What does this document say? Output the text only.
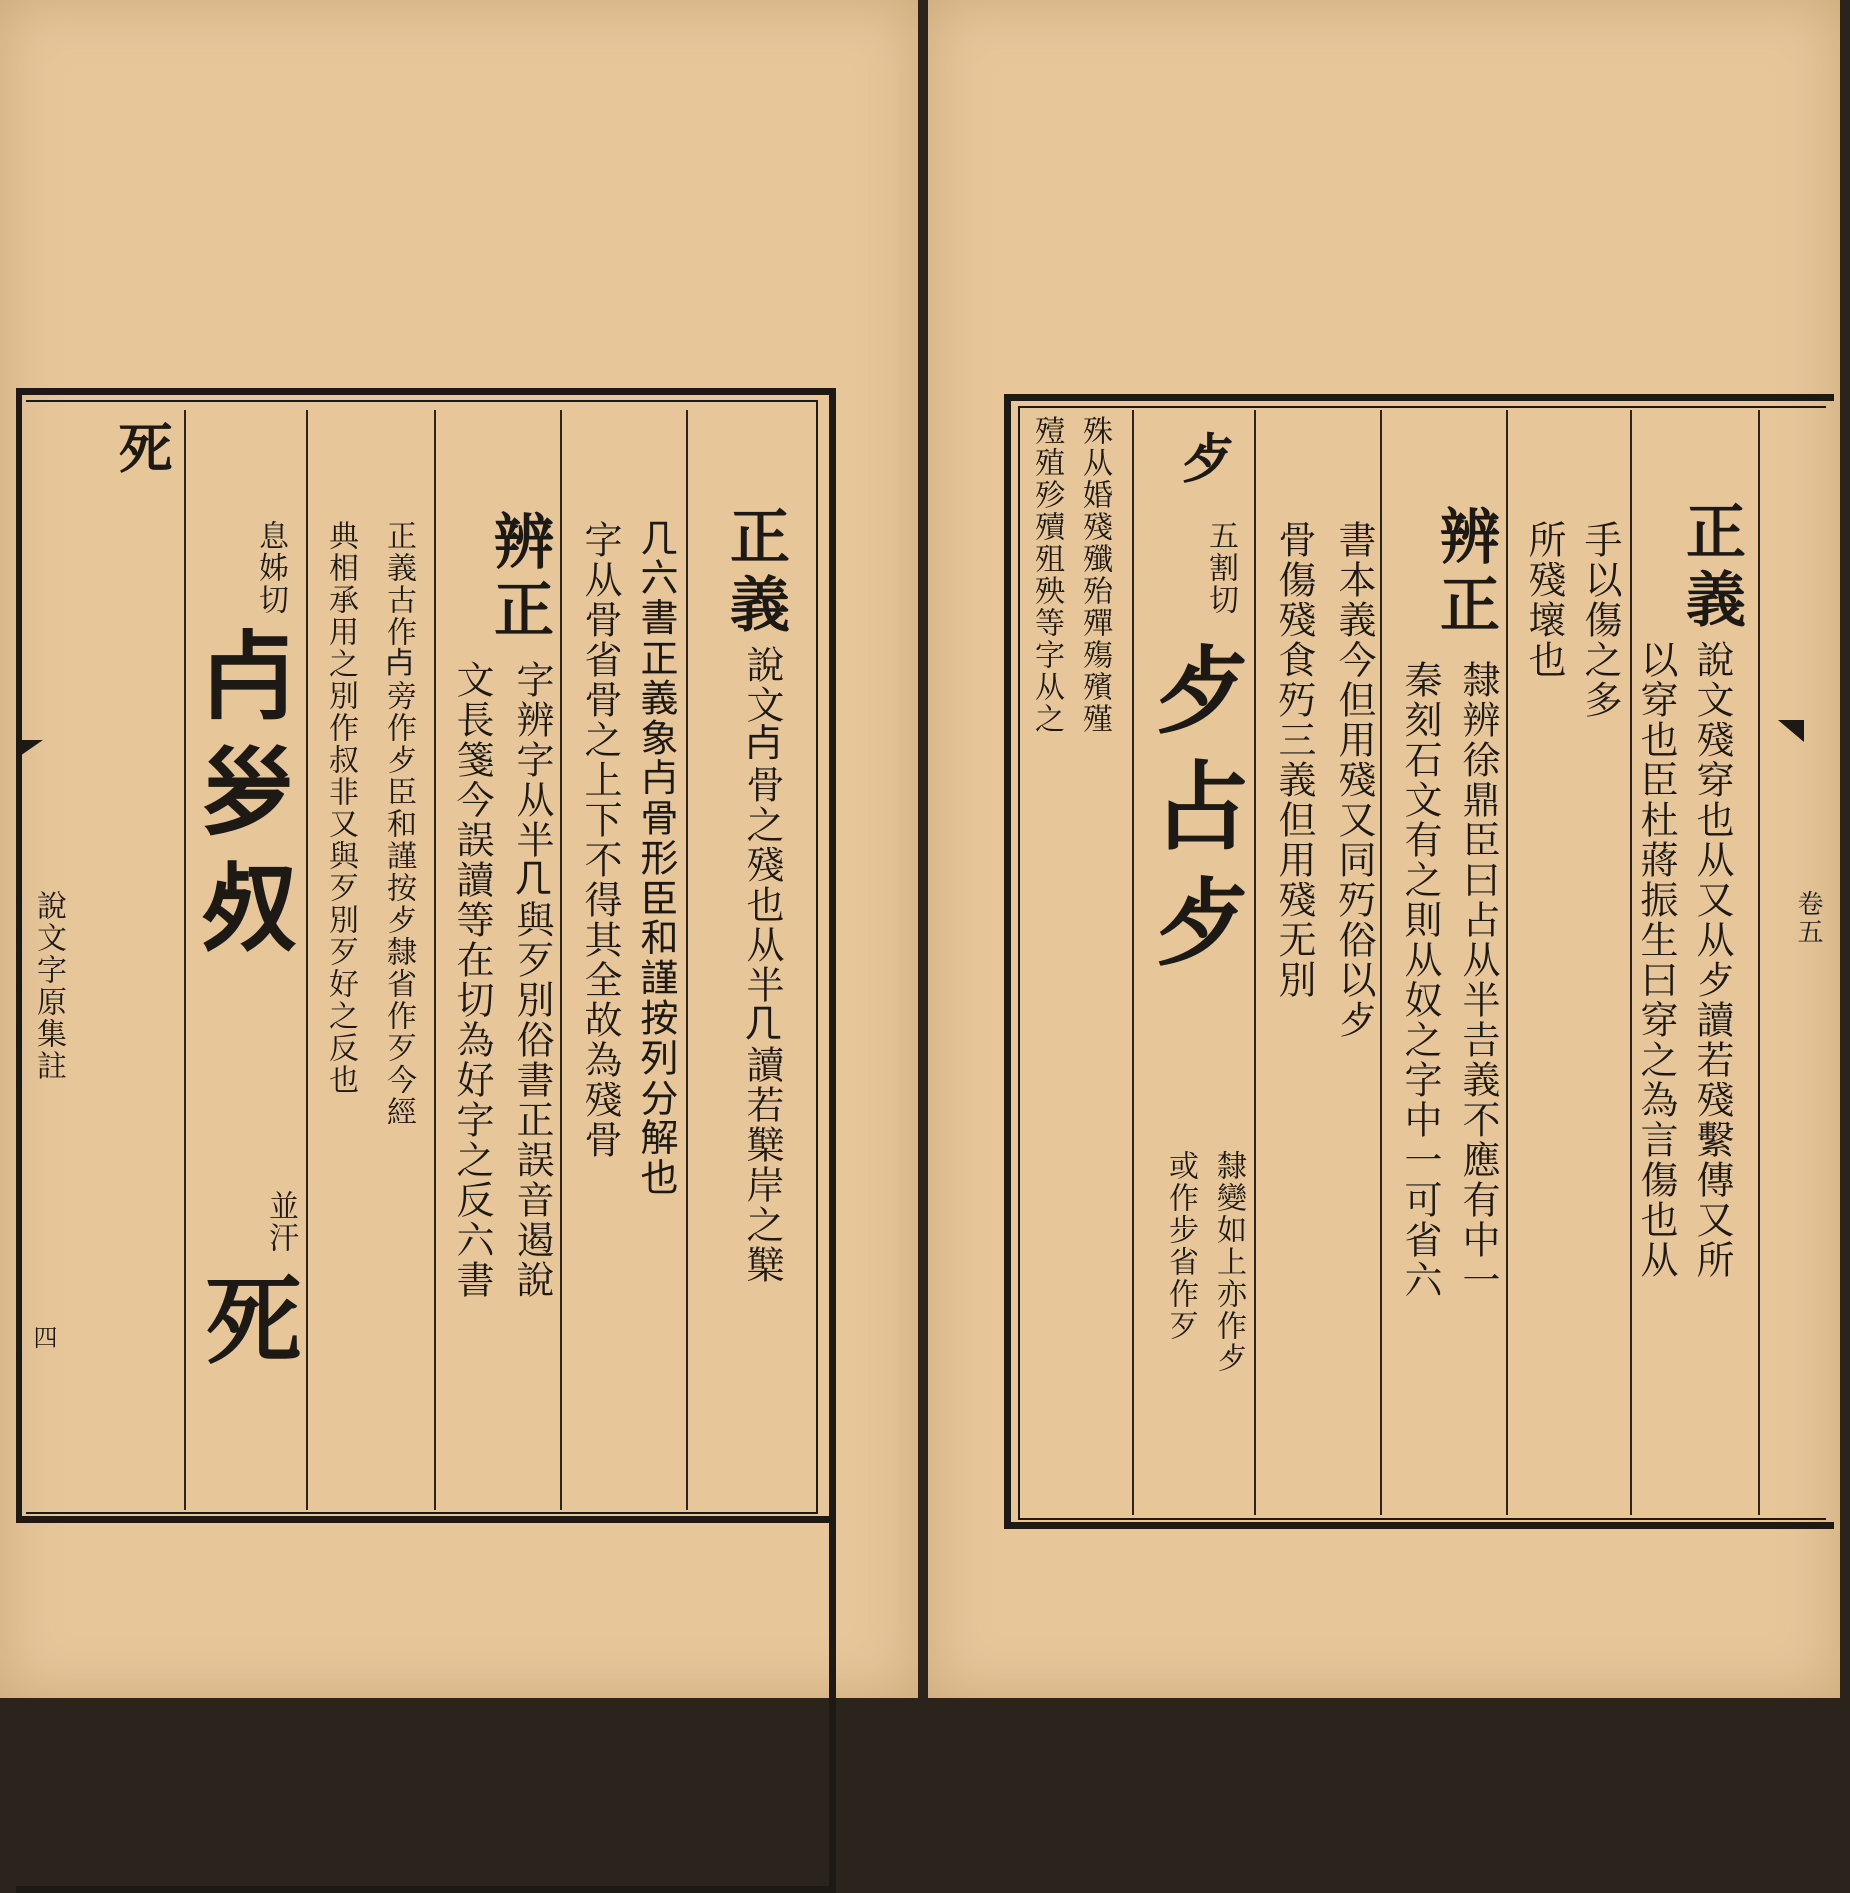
說文字原集註
四
正義
說文𣦵骨之殘也从半𠘧讀若櫱岸之櫱
𠘧六書正義象𣦵骨形臣和謹按列分解也
字从骨省骨之上下不得其全故為殘骨
辨正
字辨字从半𠘧與歹別俗書正誤音遏說
文長箋今誤讀等在切為好字之反六書
正義古作𣦵旁作歺臣和謹按歺隸省作歹今經
典相承用之別作叔非又與歹別歹好之反也
息姊切
𣦵𣧄𣦼
並汗
死
死
卷五
正義
說文殘穿也从又从歺讀若殘繫傳又所
以穿也臣杜蔣振生曰穿之為言傷也从
手以傷之多
所殘壞也
辨正
隸辨徐鼎臣曰占从半𠮷義不應有中一
秦刻石文有之則从奴之字中一可省六
書本義今但用殘又同㱙俗以歺
骨傷殘食㱙三義但用殘无別
五割切
歺占歺
隸變如上亦作歺
或作步省作歹
殊从婚殘殲殆殫殤殯殣
殪殖殄殰殂殃等字从之 歺
